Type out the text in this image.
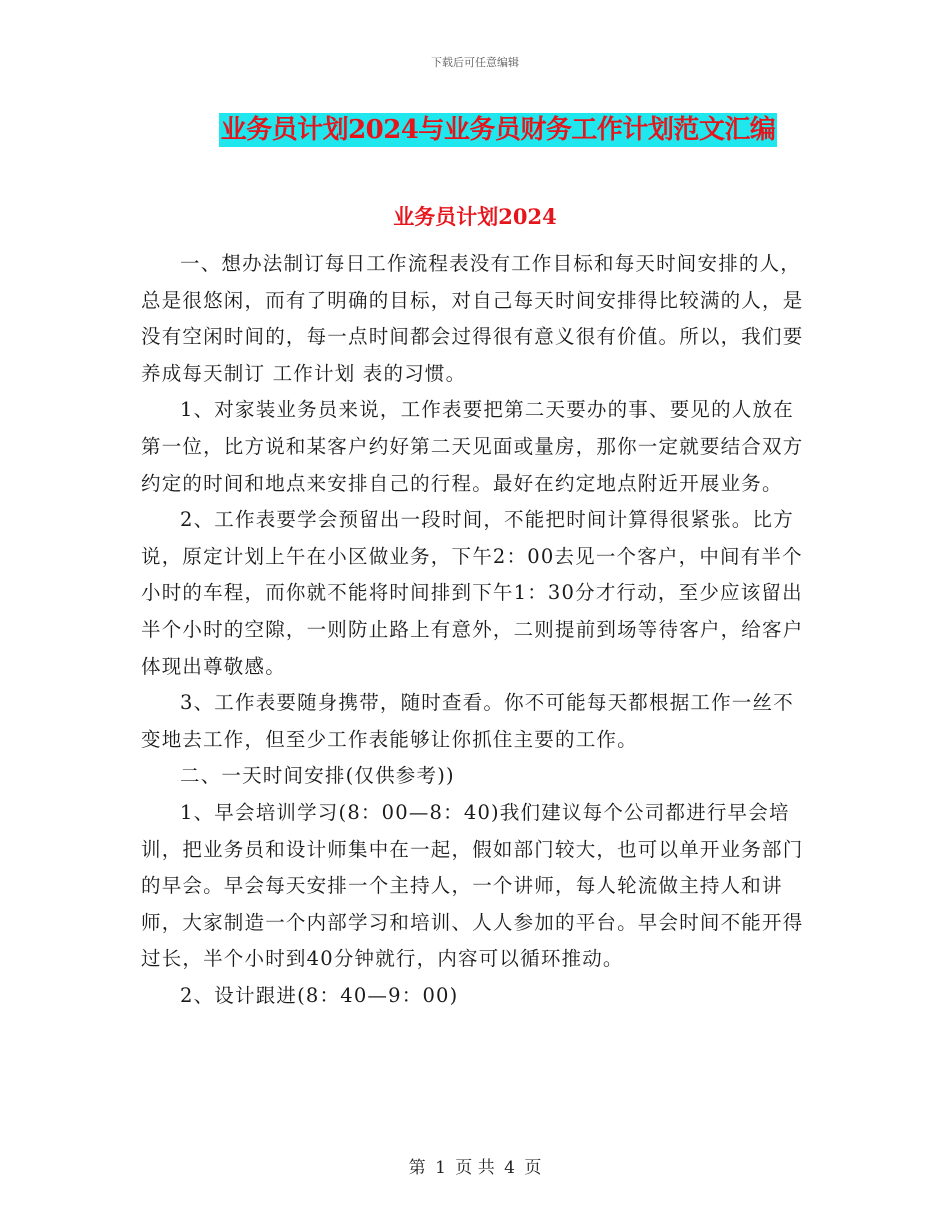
下载后可任意编辑
业务员计划2024与业务员财务工作计划范文汇编
业务员计划2024

一、想办法制订每日工作流程表没有工作目标和每天时间安排的人，总是很悠闲，而有了明确的目标，对自己每天时间安排得比较满的人，是没有空闲时间的，每一点时间都会过得很有意义很有价值。所以，我们要养成每天制订 工作计划 表的习惯。

1、对家装业务员来说，工作表要把第二天要办的事、要见的人放在第一位，比方说和某客户约好第二天见面或量房，那你一定就要结合双方约定的时间和地点来安排自己的行程。最好在约定地点附近开展业务。

2、工作表要学会预留出一段时间，不能把时间计算得很紧张。比方说，原定计划上午在小区做业务，下午2：00去见一个客户，中间有半个小时的车程，而你就不能将时间排到下午1：30分才行动，至少应该留出半个小时的空隙，一则防止路上有意外，二则提前到场等待客户，给客户体现出尊敬感。

3、工作表要随身携带，随时查看。你不可能每天都根据工作一丝不变地去工作，但至少工作表能够让你抓住主要的工作。

二、一天时间安排(仅供参考))

1、早会培训学习(8：00—8：40)我们建议每个公司都进行早会培训，把业务员和设计师集中在一起，假如部门较大，也可以单开业务部门的早会。早会每天安排一个主持人，一个讲师，每人轮流做主持人和讲师，大家制造一个内部学习和培训、人人参加的平台。早会时间不能开得过长，半个小时到40分钟就行，内容可以循环推动。

2、设计跟进(8：40—9：00)

第 1 页 共 4 页
